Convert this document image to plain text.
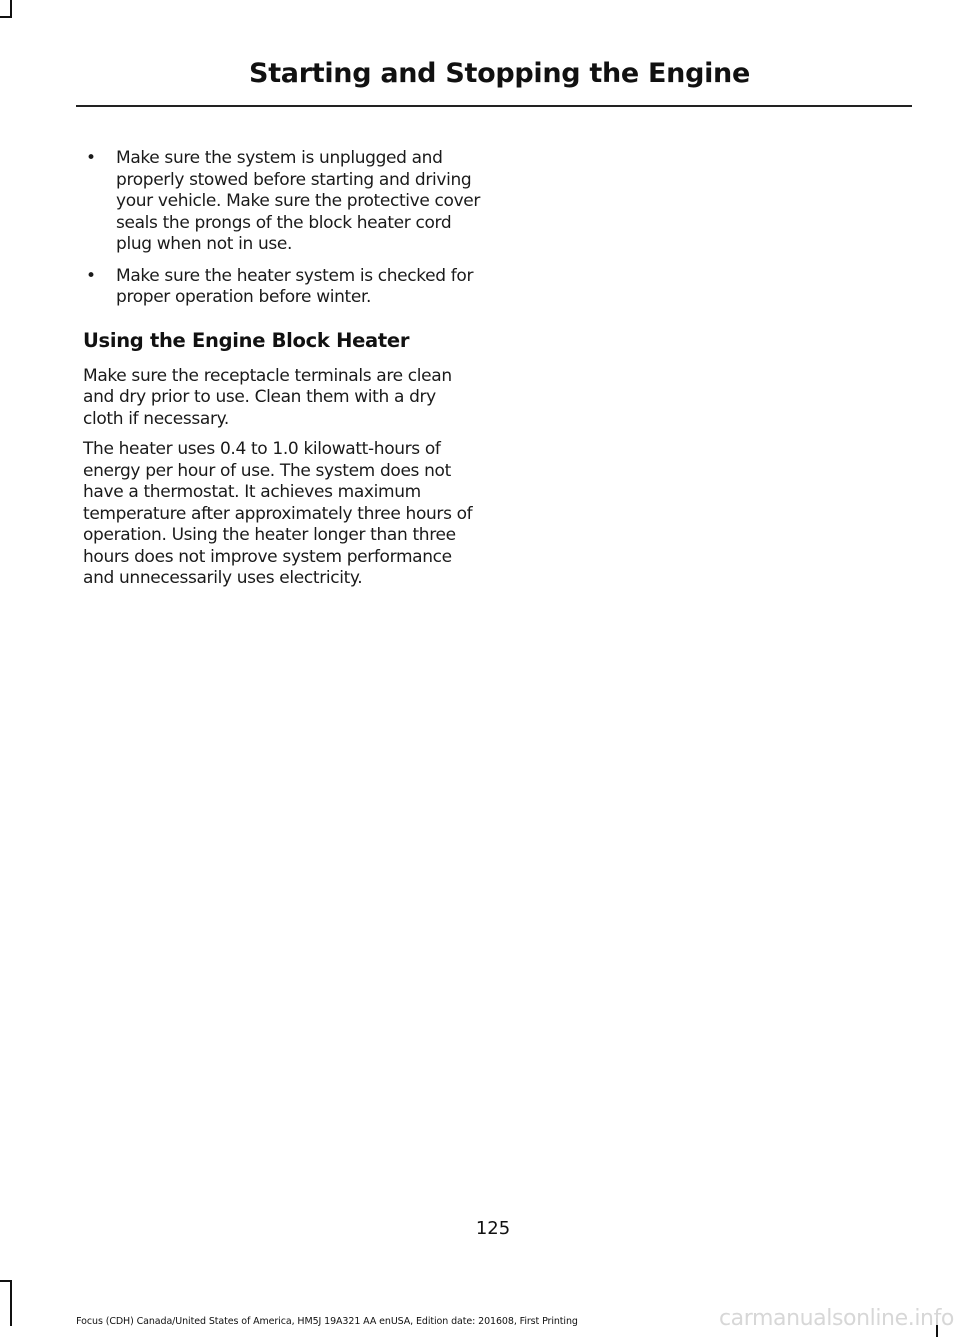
Starting and Stopping the Engine
• Make sure the system is unplugged and properly stowed before starting and driving your vehicle. Make sure the protective cover seals the prongs of the block heater cord plug when not in use.
• Make sure the heater system is checked for proper operation before winter.
Using the Engine Block Heater

Make sure the receptacle terminals are clean and dry prior to use. Clean them with a dry cloth if necessary.

The heater uses 0.4 to 1.0 kilowatt-hours of energy per hour of use. The system does not have a thermostat. It achieves maximum temperature after approximately three hours of operation. Using the heater longer than three hours does not improve system performance and unnecessarily uses electricity.

125
Focus (CDH) Canada/United States of America, HM5J 19A321 AA enUSA, Edition date: 201608, First Printing	carmanualsonline.info
